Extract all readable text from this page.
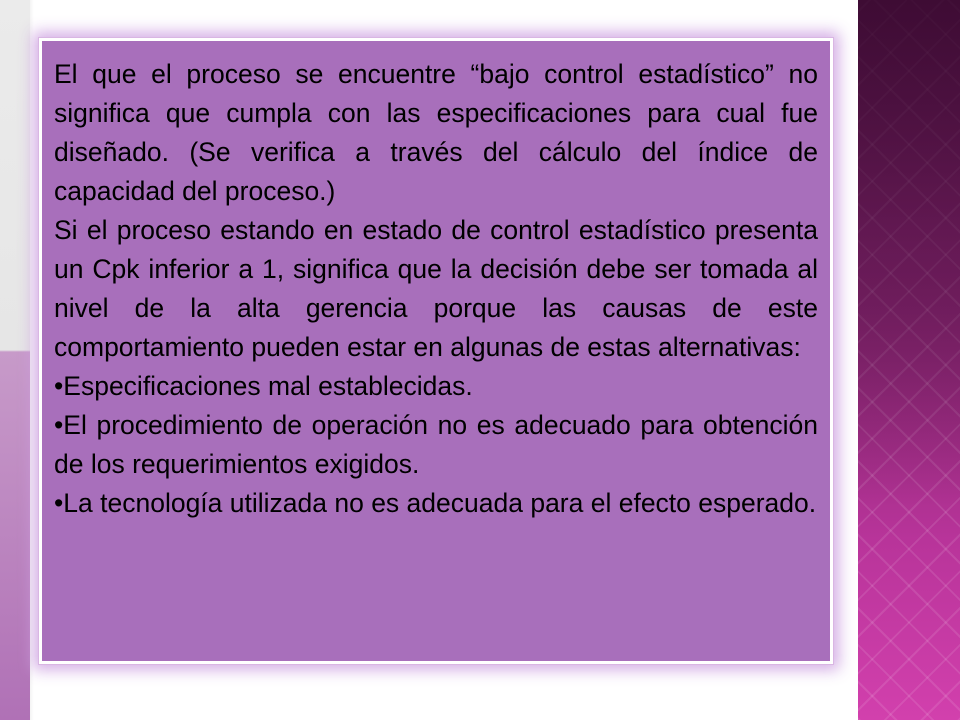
El que el proceso se encuentre “bajo control estadístico” no significa que cumpla con las especificaciones para cual fue diseñado. (Se verifica a través del cálculo del índice de capacidad del proceso.)

Si el proceso estando en estado de control estadístico presenta un Cpk inferior a 1, significa que la decisión debe ser tomada al nivel de la alta gerencia porque las causas de este comportamiento pueden estar en algunas de estas alternativas:

•Especificaciones mal establecidas.

•El procedimiento de operación no es adecuado para obtención de los requerimientos exigidos.

•La tecnología utilizada no es adecuada para el efecto esperado.
